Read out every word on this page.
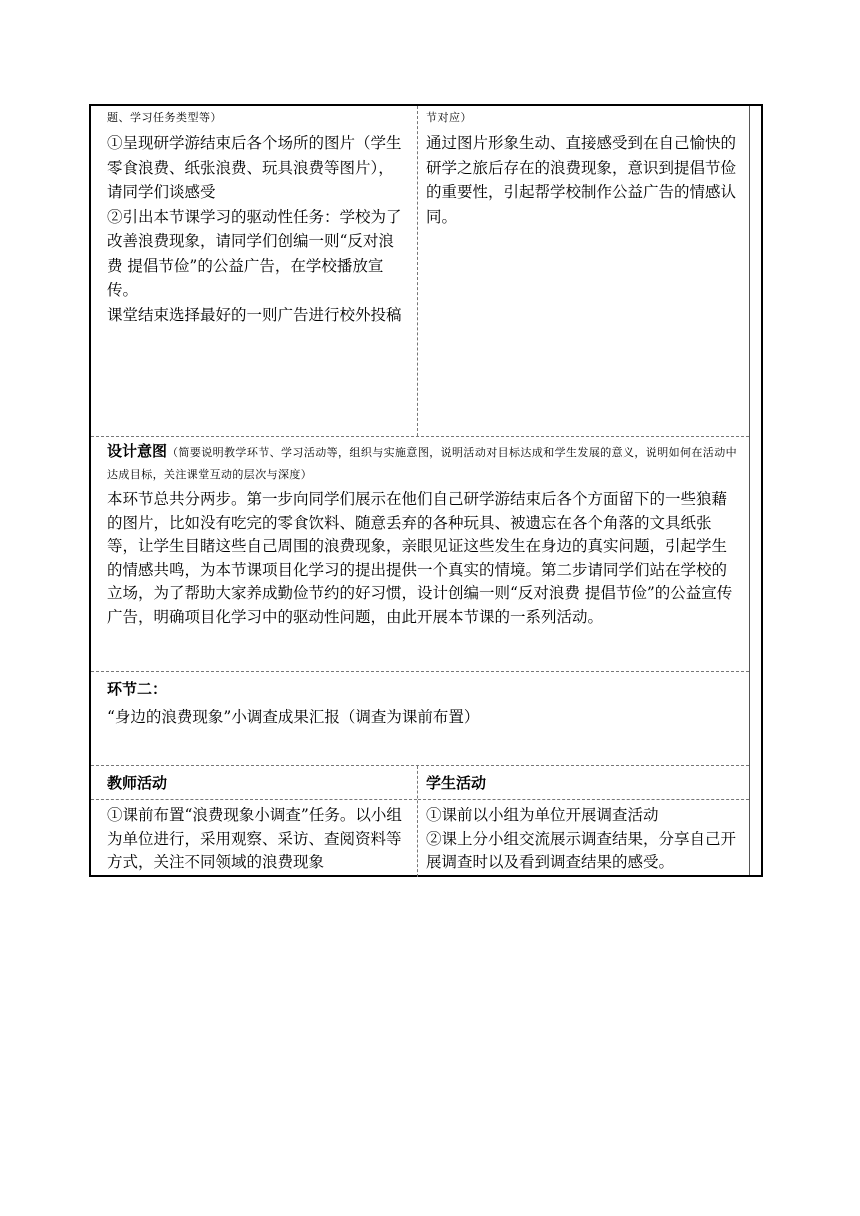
题、学习任务类型等）

①呈现研学游结束后各个场所的图片（学生零食浪费、纸张浪费、玩具浪费等图片），请同学们谈感受

②引出本节课学习的驱动性任务：学校为了改善浪费现象，请同学们创编一则“反对浪费 提倡节俭”的公益广告，在学校播放宣传。

课堂结束选择最好的一则广告进行校外投稿

节对应）

通过图片形象生动、直接感受到在自己愉快的研学之旅后存在的浪费现象，意识到提倡节俭的重要性，引起帮学校制作公益广告的情感认同。

设计意图（简要说明教学环节、学习活动等，组织与实施意图，说明活动对目标达成和学生发展的意义，说明如何在活动中达成目标，关注课堂互动的层次与深度）

本环节总共分两步。第一步向同学们展示在他们自己研学游结束后各个方面留下的一些狼藉的图片，比如没有吃完的零食饮料、随意丢弃的各种玩具、被遗忘在各个角落的文具纸张等，让学生目睹这些自己周围的浪费现象，亲眼见证这些发生在身边的真实问题，引起学生的情感共鸣，为本节课项目化学习的提出提供一个真实的情境。第二步请同学们站在学校的立场，为了帮助大家养成勤俭节约的好习惯，设计创编一则“反对浪费 提倡节俭”的公益宣传广告，明确项目化学习中的驱动性问题，由此开展本节课的一系列活动。

环节二：

“身边的浪费现象”小调查成果汇报（调查为课前布置）

教师活动

①课前布置“浪费现象小调查”任务。以小组为单位进行，采用观察、采访、查阅资料等方式，关注不同领域的浪费现象

学生活动

①课前以小组为单位开展调查活动

②课上分小组交流展示调查结果，分享自己开展调查时以及看到调查结果的感受。
